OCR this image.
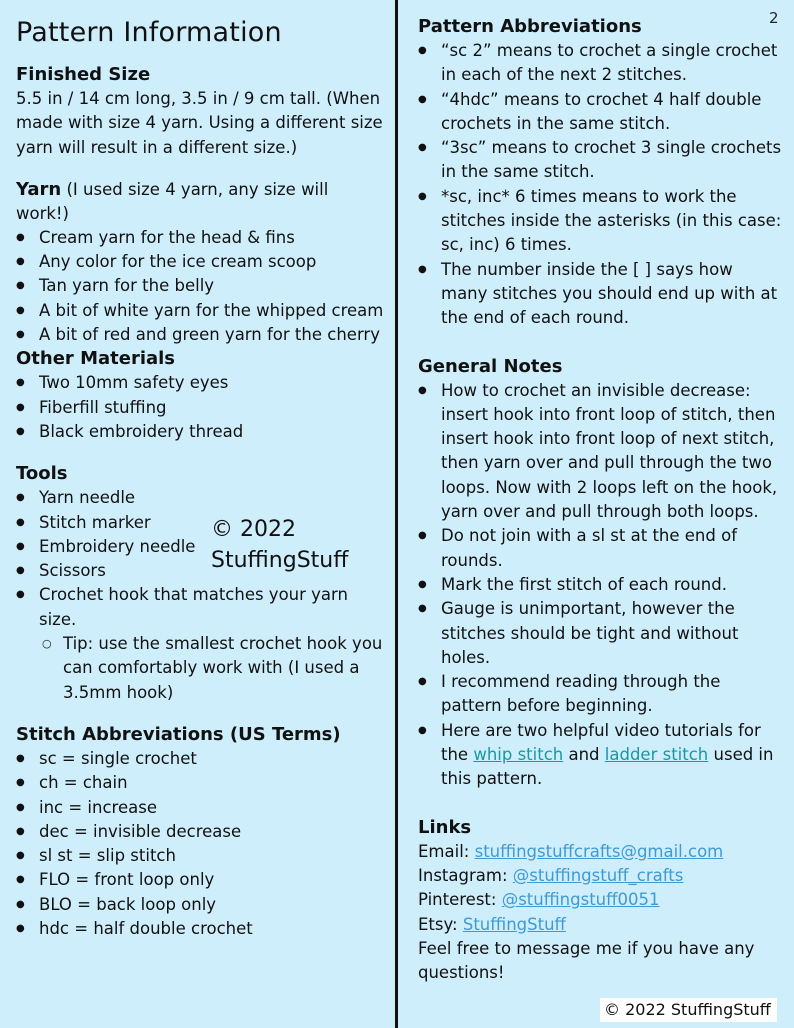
2
Pattern Information
Finished Size

5.5 in / 14 cm long, 3.5 in / 9 cm tall. (When made with size 4 yarn. Using a different size yarn will result in a different size.)

Yarn (I used size 4 yarn, any size will work!)
● Cream yarn for the head & fins
● Any color for the ice cream scoop
● Tan yarn for the belly
● A bit of white yarn for the whipped cream
● A bit of red and green yarn for the cherry
Other Materials
● Two 10mm safety eyes
● Fiberfill stuffing
● Black embroidery thread
Tools
● Yarn needle
● Stitch marker
● Embroidery needle
● Scissors
● Crochet hook that matches your yarn size.
○ Tip: use the smallest crochet hook you can comfortably work with (I used a 3.5mm hook)
Stitch Abbreviations (US Terms)
● sc = single crochet
● ch = chain
● inc = increase
● dec = invisible decrease
● sl st = slip stitch
● FLO = front loop only
● BLO = back loop only
● hdc = half double crochet
© 2022
StuffingStuff
Pattern Abbreviations
● “sc 2” means to crochet a single crochet in each of the next 2 stitches.
● “4hdc” means to crochet 4 half double crochets in the same stitch.
● “3sc” means to crochet 3 single crochets in the same stitch.
● *sc, inc* 6 times means to work the stitches inside the asterisks (in this case: sc, inc) 6 times.
● The number inside the [ ] says how many stitches you should end up with at the end of each round.
General Notes
● How to crochet an invisible decrease: insert hook into front loop of stitch, then insert hook into front loop of next stitch, then yarn over and pull through the two loops. Now with 2 loops left on the hook, yarn over and pull through both loops.
● Do not join with a sl st at the end of rounds.
● Mark the first stitch of each round.
● Gauge is unimportant, however the stitches should be tight and without holes.
● I recommend reading through the pattern before beginning.
● Here are two helpful video tutorials for the whip stitch and ladder stitch used in this pattern.
Links

Email: stuffingstuffcrafts@gmail.com

Instagram: @stuffingstuff_crafts

Pinterest: @stuffingstuff0051

Etsy: StuffingStuff

Feel free to message me if you have any questions!

© 2022 StuffingStuff
